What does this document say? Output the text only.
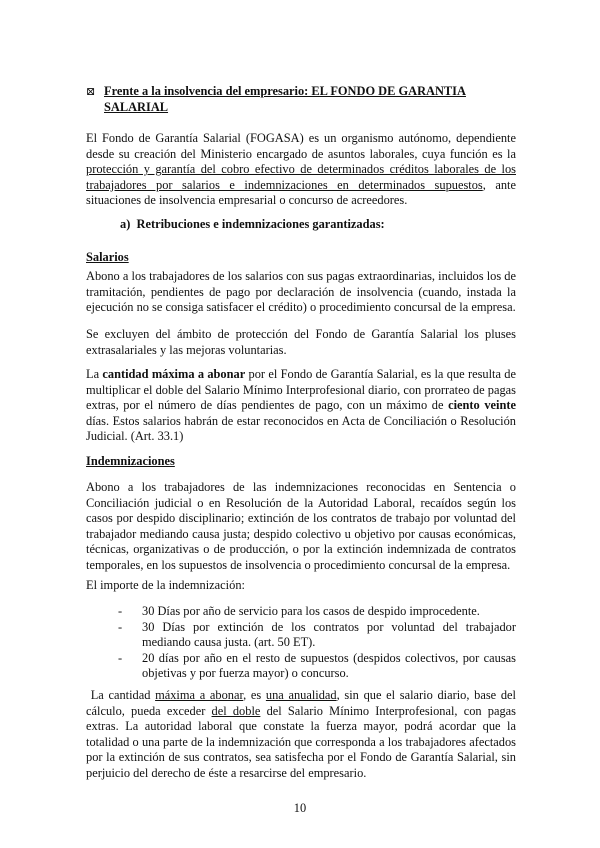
⊠ Frente a la insolvencia del empresario: EL FONDO DE GARANTIA
SALARIAL

El Fondo de Garantía Salarial (FOGASA) es un organismo autónomo, dependiente desde su creación del Ministerio encargado de asuntos laborales, cuya función es la protección y garantía del cobro efectivo de determinados créditos laborales de los trabajadores por salarios e indemnizaciones en determinados supuestos, ante situaciones de insolvencia empresarial o concurso de acreedores.

a)  Retribuciones e indemnizaciones garantizadas:
Salarios

Abono a los trabajadores de los salarios con sus pagas extraordinarias, incluidos los de tramitación, pendientes de pago por declaración de insolvencia (cuando, instada la ejecución no se consiga satisfacer el crédito) o procedimiento concursal de la empresa.

Se excluyen del ámbito de protección del Fondo de Garantía Salarial los pluses extrasalariales y las mejoras voluntarias.

La cantidad máxima a abonar por el Fondo de Garantía Salarial, es la que resulta de multiplicar el doble del Salario Mínimo Interprofesional diario, con prorrateo de pagas extras, por el número de días pendientes de pago, con un máximo de ciento veinte días. Estos salarios habrán de estar reconocidos en Acta de Conciliación o Resolución Judicial. (Art. 33.1)

Indemnizaciones

Abono a los trabajadores de las indemnizaciones reconocidas en Sentencia o Conciliación judicial o en Resolución de la Autoridad Laboral, recaídos según los casos por despido disciplinario; extinción de los contratos de trabajo por voluntad del trabajador mediando causa justa; despido colectivo u objetivo por causas económicas, técnicas, organizativas o de producción, o por la extinción indemnizada de contratos temporales, en los supuestos de insolvencia o procedimiento concursal de la empresa.

El importe de la indemnización:

- 30 Días por año de servicio para los casos de despido improcedente.
- 30 Días por extinción de los contratos por voluntad del trabajador mediando causa justa. (art. 50 ET).
- 20 días por año en el resto de supuestos (despidos colectivos, por causas objetivas y por fuerza mayor) o concurso.

La cantidad máxima a abonar, es una anualidad, sin que el salario diario, base del cálculo, pueda exceder del doble del Salario Mínimo Interprofesional, con pagas extras. La autoridad laboral que constate la fuerza mayor, podrá acordar que la totalidad o una parte de la indemnización que corresponda a los trabajadores afectados por la extinción de sus contratos, sea satisfecha por el Fondo de Garantía Salarial, sin perjuicio del derecho de éste a resarcirse del empresario.

10
